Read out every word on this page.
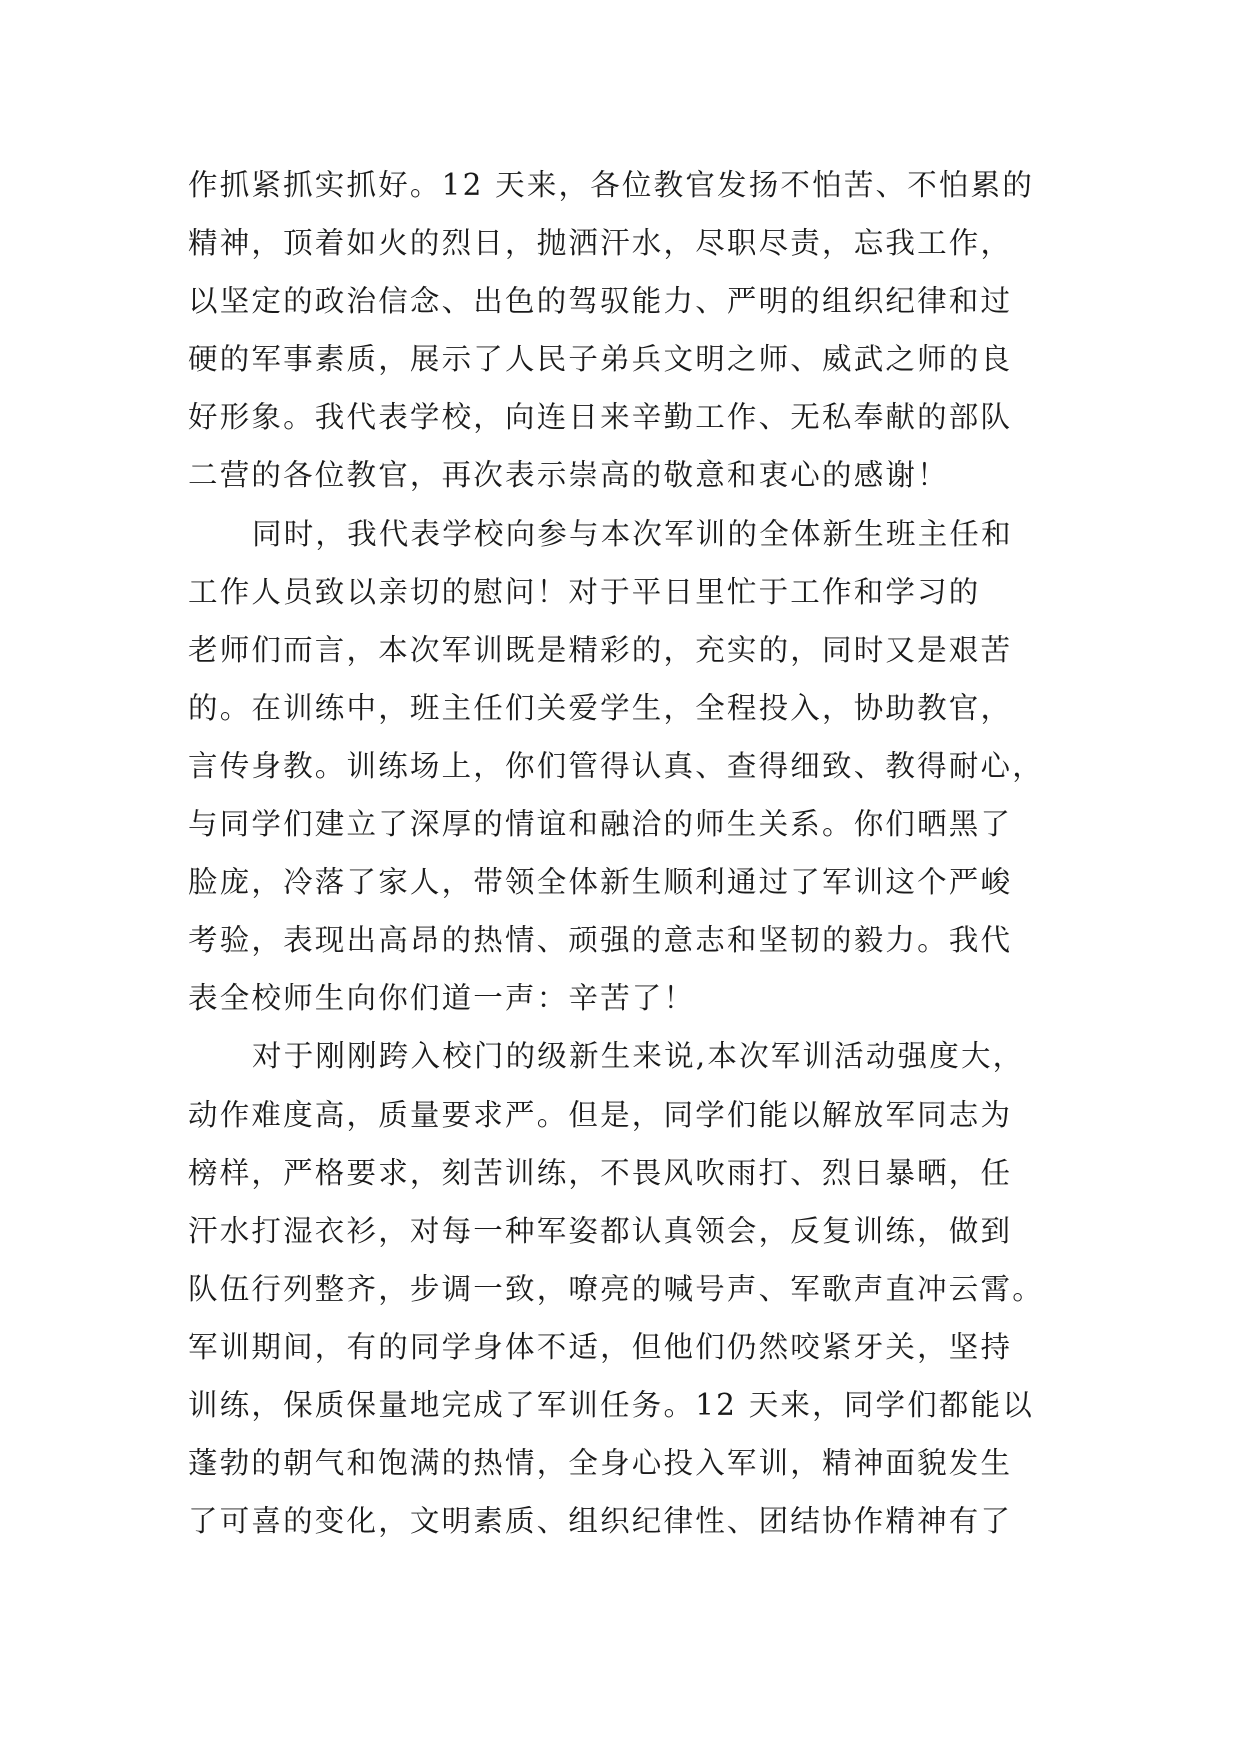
作抓紧抓实抓好。12 天来，各位教官发扬不怕苦、不怕累的
精神，顶着如火的烈日，抛洒汗水，尽职尽责，忘我工作，
以坚定的政治信念、出色的驾驭能力、严明的组织纪律和过
硬的军事素质，展示了人民子弟兵文明之师、威武之师的良
好形象。我代表学校，向连日来辛勤工作、无私奉献的部队
二营的各位教官，再次表示崇高的敬意和衷心的感谢！
同时，我代表学校向参与本次军训的全体新生班主任和
工作人员致以亲切的慰问！对于平日里忙于工作和学习的
老师们而言，本次军训既是精彩的，充实的，同时又是艰苦
的。在训练中，班主任们关爱学生，全程投入，协助教官，
言传身教。训练场上，你们管得认真、查得细致、教得耐心，
与同学们建立了深厚的情谊和融洽的师生关系。你们晒黑了
脸庞，冷落了家人，带领全体新生顺利通过了军训这个严峻
考验，表现出高昂的热情、顽强的意志和坚韧的毅力。我代
表全校师生向你们道一声：辛苦了！
对于刚刚跨入校门的级新生来说,本次军训活动强度大，
动作难度高，质量要求严。但是，同学们能以解放军同志为
榜样，严格要求，刻苦训练，不畏风吹雨打、烈日暴晒，任
汗水打湿衣衫，对每一种军姿都认真领会，反复训练，做到
队伍行列整齐，步调一致，嘹亮的喊号声、军歌声直冲云霄。
军训期间，有的同学身体不适，但他们仍然咬紧牙关，坚持
训练，保质保量地完成了军训任务。12 天来，同学们都能以
蓬勃的朝气和饱满的热情，全身心投入军训，精神面貌发生
了可喜的变化，文明素质、组织纪律性、团结协作精神有了
